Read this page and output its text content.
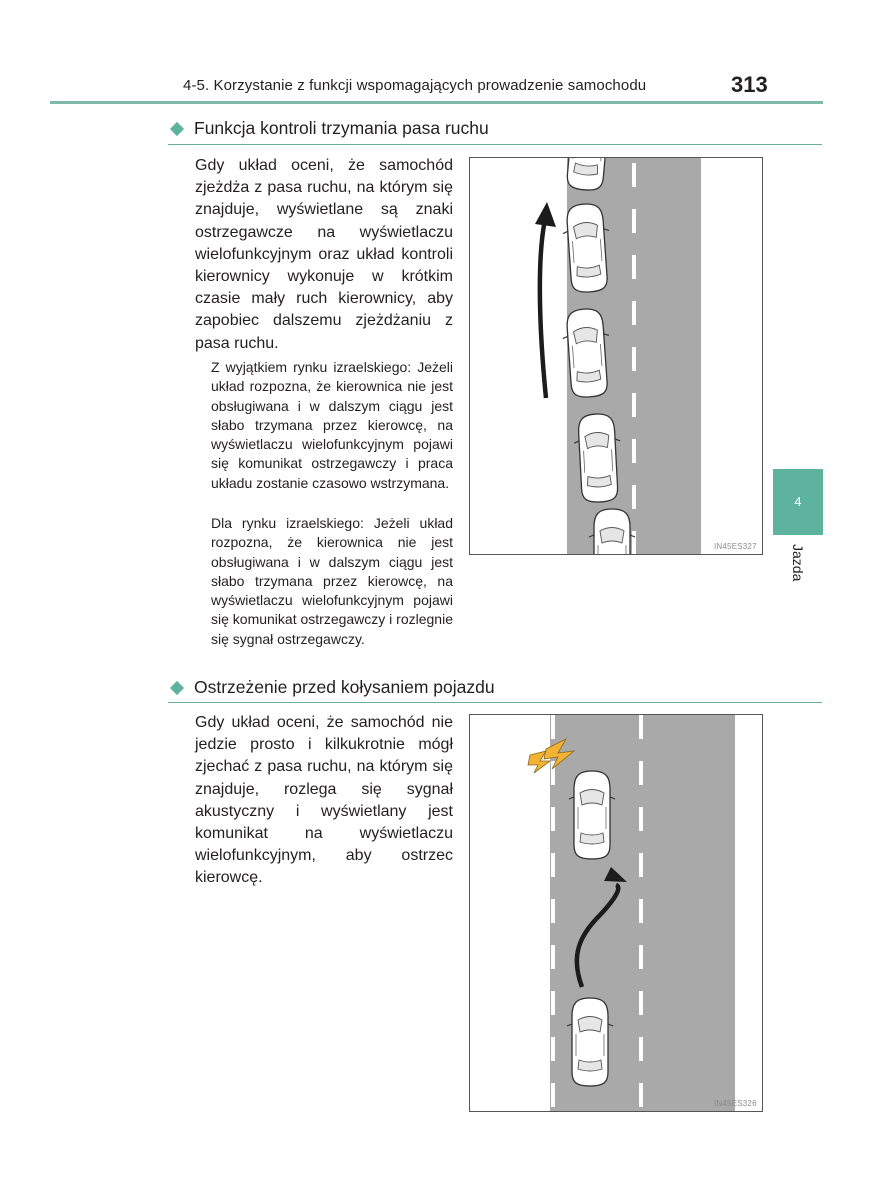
4-5. Korzystanie z funkcji wspomagających prowadzenie samochodu	313
4
Jazda
Funkcja kontroli trzymania pasa ruchu

Gdy układ oceni, że samochód zjeżdża z pasa ruchu, na którym się znajduje, wyświetlane są znaki ostrzegawcze na wyświetlaczu wielofunkcyjnym oraz układ kontroli kierownicy wykonuje w krótkim czasie mały ruch kierownicy, aby zapobiec dalszemu zjeżdżaniu z pasa ruchu.

Z wyjątkiem rynku izraelskiego: Jeżeli układ rozpozna, że kierownica nie jest obsługiwana i w dalszym ciągu jest słabo trzymana przez kierowcę, na wyświetlaczu wielofunkcyjnym pojawi się komunikat ostrzegawczy i praca układu zostanie czasowo wstrzymana.

Dla rynku izraelskiego: Jeżeli układ rozpozna, że kierownica nie jest obsługiwana i w dalszym ciągu jest słabo trzymana przez kierowcę, na wyświetlaczu wielofunkcyjnym pojawi się komunikat ostrzegawczy i rozlegnie się sygnał ostrzegawczy.

IN45ES327
Ostrzeżenie przed kołysaniem pojazdu

Gdy układ oceni, że samochód nie jedzie prosto i kilkukrotnie mógł zjechać z pasa ruchu, na którym się znajduje, rozlega się sygnał akustyczny i wyświetlany jest komunikat na wyświetlaczu wielofunkcyjnym, aby ostrzec kierowcę.

IN45ES326
